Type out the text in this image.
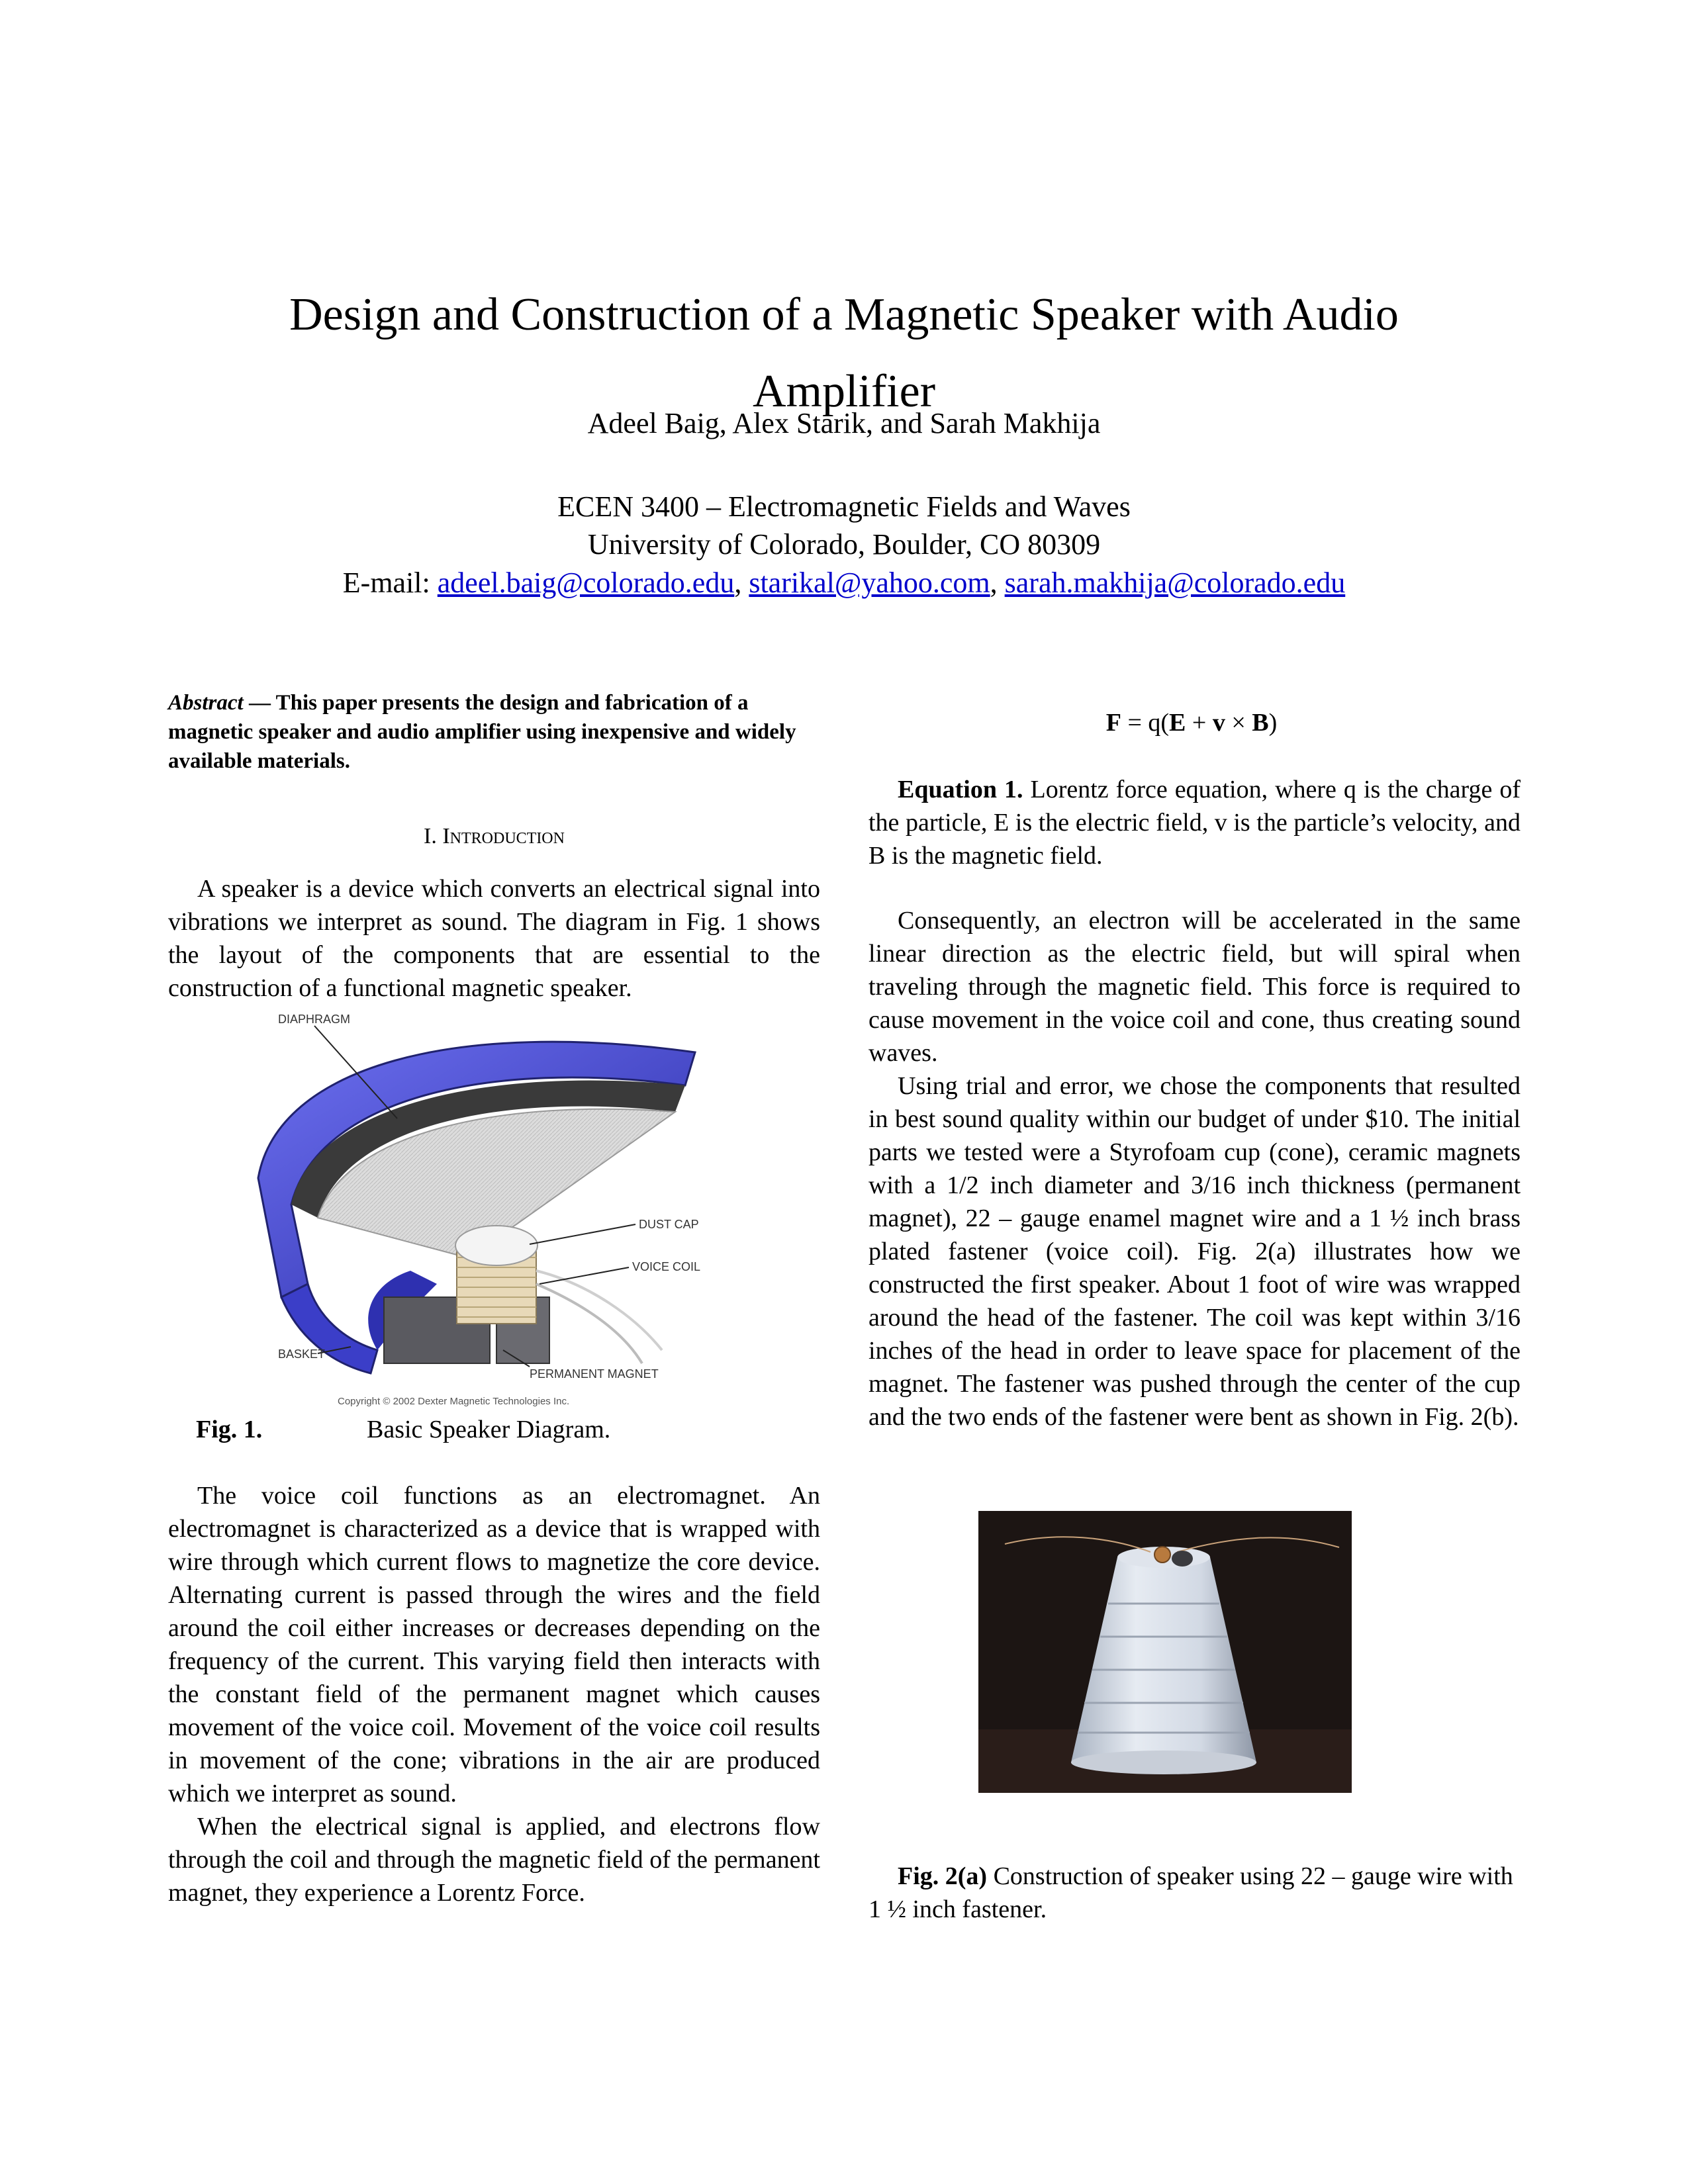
Design and Construction of a Magnetic Speaker with Audio Amplifier
Adeel Baig, Alex Starik, and Sarah Makhija
ECEN 3400 – Electromagnetic Fields and Waves
University of Colorado, Boulder, CO 80309
E-mail: adeel.baig@colorado.edu, starikal@yahoo.com, sarah.makhija@colorado.edu
Abstract — This paper presents the design and fabrication of a magnetic speaker and audio amplifier using inexpensive and widely available materials.
I. Introduction

A speaker is a device which converts an electrical signal into vibrations we interpret as sound. The diagram in Fig. 1 shows the layout of the components that are essential to the construction of a functional magnetic speaker.

DIAPHRAGM
DUST CAP
VOICE COIL
BASKET
PERMANENT MAGNET
Copyright © 2002 Dexter Magnetic Technologies Inc.
Fig. 1.	Basic Speaker Diagram.

The voice coil functions as an electromagnet. An electromagnet is characterized as a device that is wrapped with wire through which current flows to magnetize the core device. Alternating current is passed through the wires and the field around the coil either increases or decreases depending on the frequency of the current. This varying field then interacts with the constant field of the permanent magnet which causes movement of the voice coil. Movement of the voice coil results in movement of the cone; vibrations in the air are produced which we interpret as sound.

When the electrical signal is applied, and electrons flow through the coil and through the magnetic field of the permanent magnet, they experience a Lorentz Force.

F = q(E + v × B)

Equation 1. Lorentz force equation, where q is the charge of the particle, E is the electric field, v is the particle’s velocity, and B is the magnetic field.

Consequently, an electron will be accelerated in the same linear direction as the electric field, but will spiral when traveling through the magnetic field. This force is required to cause movement in the voice coil and cone, thus creating sound waves.

Using trial and error, we chose the components that resulted in best sound quality within our budget of under $10. The initial parts we tested were a Styrofoam cup (cone), ceramic magnets with a 1/2 inch diameter and 3/16 inch thickness (permanent magnet), 22 – gauge enamel magnet wire and a 1 ½ inch brass plated fastener (voice coil). Fig. 2(a) illustrates how we constructed the first speaker. About 1 foot of wire was wrapped around the head of the fastener. The coil was kept within 3/16 inches of the head in order to leave space for placement of the magnet. The fastener was pushed through the center of the cup and the two ends of the fastener were bent as shown in Fig. 2(b).

Fig. 2(a) Construction of speaker using 22 – gauge wire with 1 ½ inch fastener.
